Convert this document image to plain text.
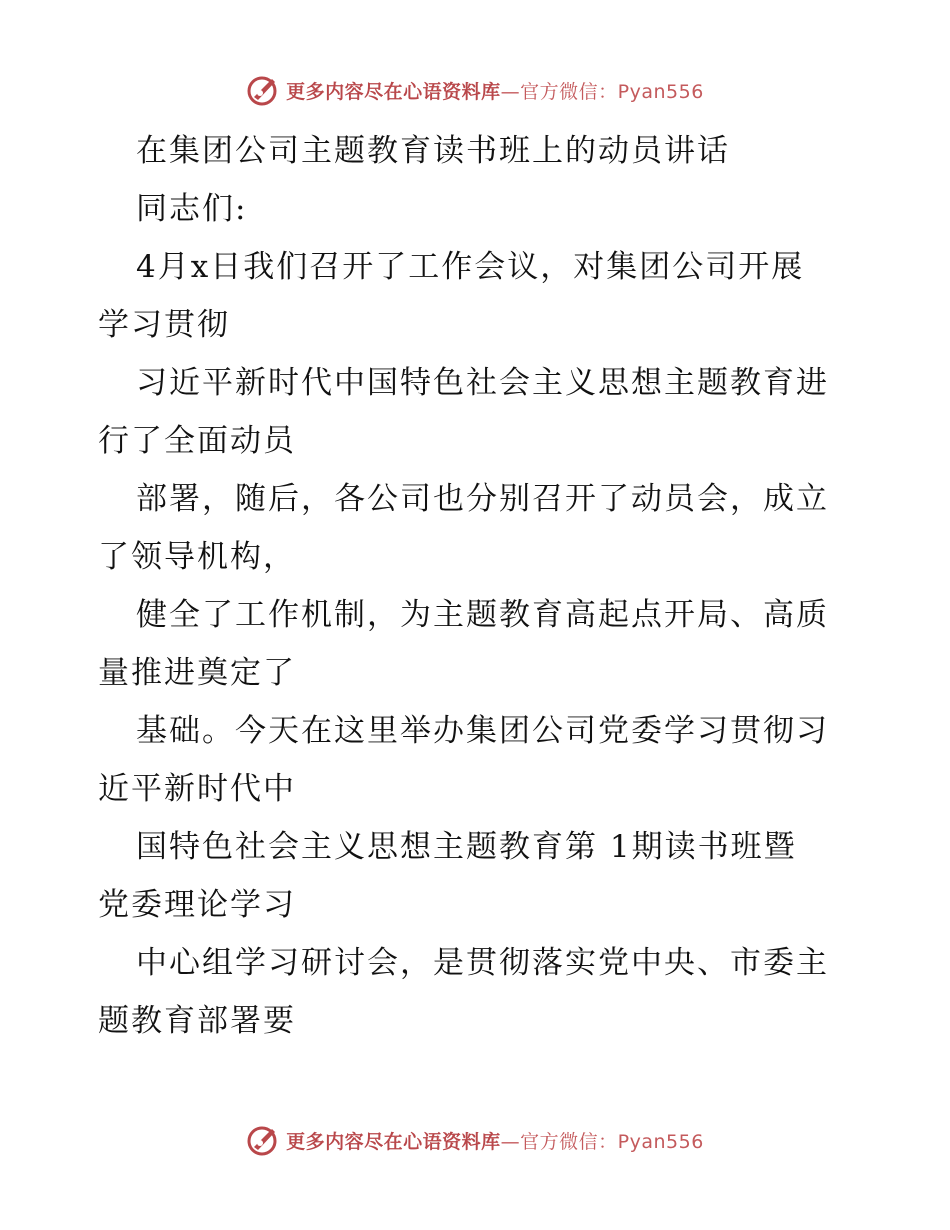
更多内容尽在心语资料库—官方微信：Pyan556
在集团公司主题教育读书班上的动员讲话
同志们:
4月x日我们召开了工作会议，对集团公司开展
学习贯彻
习近平新时代中国特色社会主义思想主题教育进
行了全面动员
部署，随后，各公司也分别召开了动员会，成立
了领导机构，
健全了工作机制，为主题教育高起点开局、高质
量推进奠定了
基础。今天在这里举办集团公司党委学习贯彻习
近平新时代中
国特色社会主义思想主题教育第 1期读书班暨
党委理论学习
中心组学习研讨会，是贯彻落实党中央、市委主
题教育部署要
更多内容尽在心语资料库—官方微信：Pyan556
